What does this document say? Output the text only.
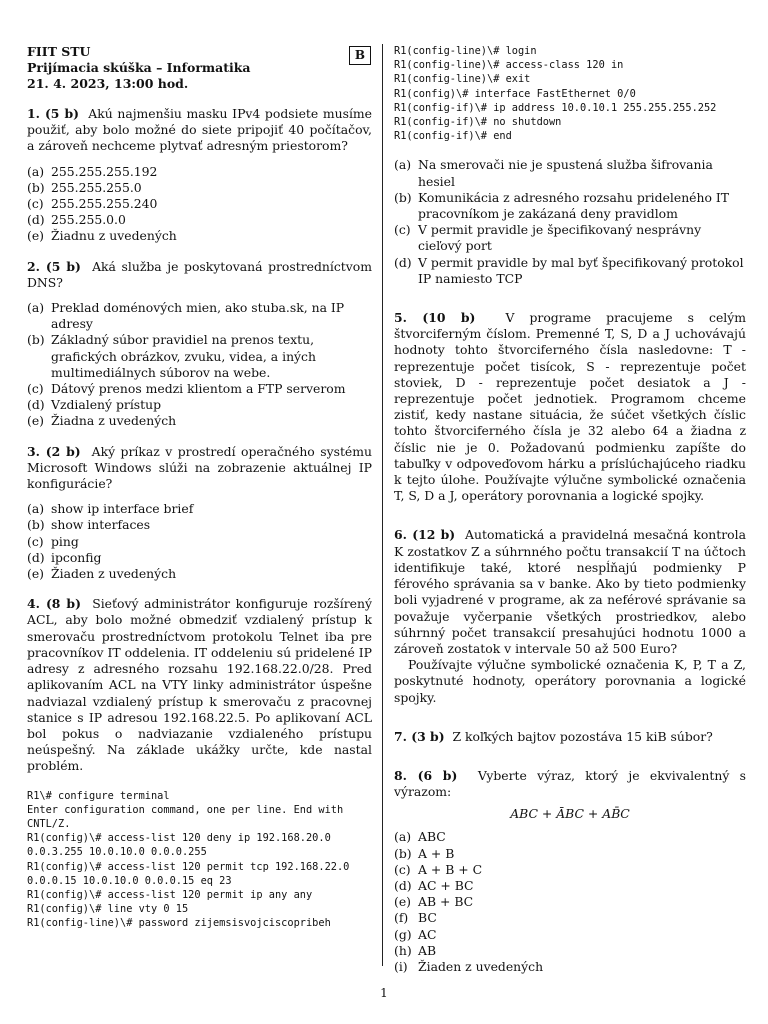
B
FIIT STU
Prijímacia skúška – Informatika
21. 4. 2023, 13:00 hod.
1. (5 b) Akú najmenšiu masku IPv4 podsiete musíme použiť, aby bolo možné do siete pripojiť 40 počítačov, a zároveň nechceme plytvať adresným priestorom?
(a) 255.255.255.192
(b) 255.255.255.0
(c) 255.255.255.240
(d) 255.255.0.0
(e) Žiadnu z uvedených
2. (5 b) Aká služba je poskytovaná prostredníctvom DNS?
(a) Preklad doménových mien, ako stuba.sk, na IP adresy
(b) Základný súbor pravidiel na prenos textu, grafických obrázkov, zvuku, videa, a iných multimediálnych súborov na webe.
(c) Dátový prenos medzi klientom a FTP serverom
(d) Vzdialený prístup
(e) Žiadna z uvedených
3. (2 b) Aký príkaz v prostredí operačného systému Microsoft Windows slúži na zobrazenie aktuálnej IP konfigurácie?
(a) show ip interface brief
(b) show interfaces
(c) ping
(d) ipconfig
(e) Žiaden z uvedených
4. (8 b) Sieťový administrátor konfiguruje rozšírený ACL, aby bolo možné obmedziť vzdialený prístup k smerovaču prostredníctvom protokolu Telnet iba pre pracovníkov IT oddelenia. IT oddeleniu sú pridelené IP adresy z adresného rozsahu 192.168.22.0/28. Pred aplikovaním ACL na VTY linky administrátor úspešne nadviazal vzdialený prístup k smerovaču z pracovnej stanice s IP adresou 192.168.22.5. Po aplikovaní ACL bol pokus o nadviazanie vzdialeného prístupu neúspešný. Na základe ukážky určte, kde nastal problém.
R1\# configure terminal
Enter configuration command, one per line. End with CNTL/Z.
R1(config)\# access-list 120 deny ip 192.168.20.0 0.0.3.255 10.0.10.0 0.0.0.255
R1(config)\# access-list 120 permit tcp 192.168.22.0 0.0.0.15 10.0.10.0 0.0.0.15 eq 23
R1(config)\# access-list 120 permit ip any any
R1(config)\# line vty 0 15
R1(config-line)\# password zijemsisvojciscopribeh
R1(config-line)\# login
R1(config-line)\# access-class 120 in
R1(config-line)\# exit
R1(config)\# interface FastEthernet 0/0
R1(config-if)\# ip address 10.0.10.1 255.255.255.252
R1(config-if)\# no shutdown
R1(config-if)\# end
(a) Na smerovači nie je spustená služba šifrovania hesiel
(b) Komunikácia z adresného rozsahu prideleného IT pracovníkom je zakázaná deny pravidlom
(c) V permit pravidle je špecifikovaný nesprávny cieľový port
(d) V permit pravidle by mal byť špecifikovaný protokol IP namiesto TCP
5. (10 b) V programe pracujeme s celým štvorciferným číslom. Premenné T, S, D a J uchovávajú hodnoty tohto štvorciferného čísla nasledovne: T - reprezentuje počet tisícok, S - reprezentuje počet stoviek, D - reprezentuje počet desiatok a J - reprezentuje počet jednotiek. Programom chceme zistiť, kedy nastane situácia, že súčet všetkých číslic tohto štvorciferného čísla je 32 alebo 64 a žiadna z číslic nie je 0. Požadovanú podmienku zapíšte do tabuľky v odpoveďovom hárku a príslúchajúceho riadku k tejto úlohe. Používajte výlučne symbolické označenia T, S, D a J, operátory porovnania a logické spojky.
6. (12 b) Automatická a pravidelná mesačná kontrola K zostatkov Z a súhrnného počtu transakcií T na účtoch identifikuje také, ktoré nespĺňajú podmienky P férového správania sa v banke. Ako by tieto podmienky boli vyjadrené v programe, ak za neférové správanie sa považuje vyčerpanie všetkých prostriedkov, alebo súhrnný počet transakcií presahujúci hodnotu 1000 a zároveň zostatok v intervale 50 až 500 Euro?
Používajte výlučne symbolické označenia K, P, T a Z, poskytnuté hodnoty, operátory porovnania a logické spojky.
7. (3 b) Z koľkých bajtov pozostáva 15 kiB súbor?
8. (6 b) Vyberte výraz, ktorý je ekvivalentný s výrazom:
ABC + ĀBC + AB̄C
(a) ABC
(b) A + B
(c) A + B + C
(d) AC + BC
(e) AB + BC
(f) BC
(g) AC
(h) AB
(i) Žiaden z uvedených
1
